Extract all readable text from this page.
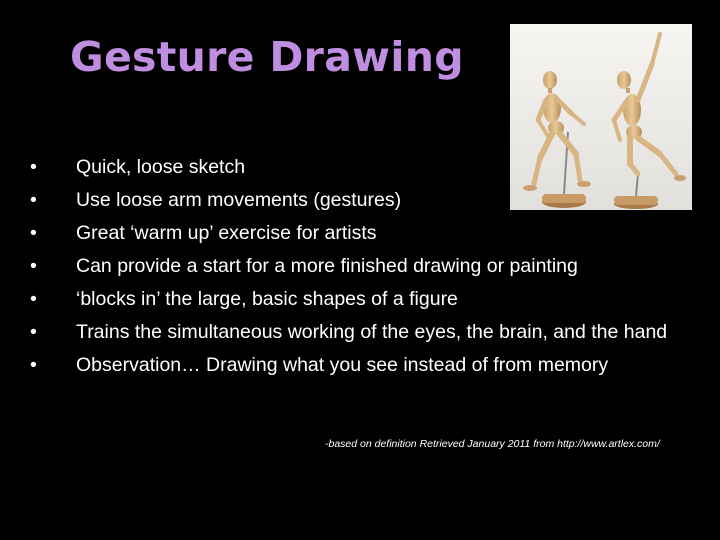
Gesture Drawing
•	Quick, loose sketch
•	Use loose arm movements (gestures)
•	Great ‘warm up’ exercise for artists
•	Can provide a start for a more finished drawing or painting
•	‘blocks in’ the large, basic shapes of a figure
•	Trains the simultaneous working of the eyes, the brain, and the hand
•	Observation… Drawing what you see instead of from memory
-based on definition Retrieved January 2011 from http://www.artlex.com/
